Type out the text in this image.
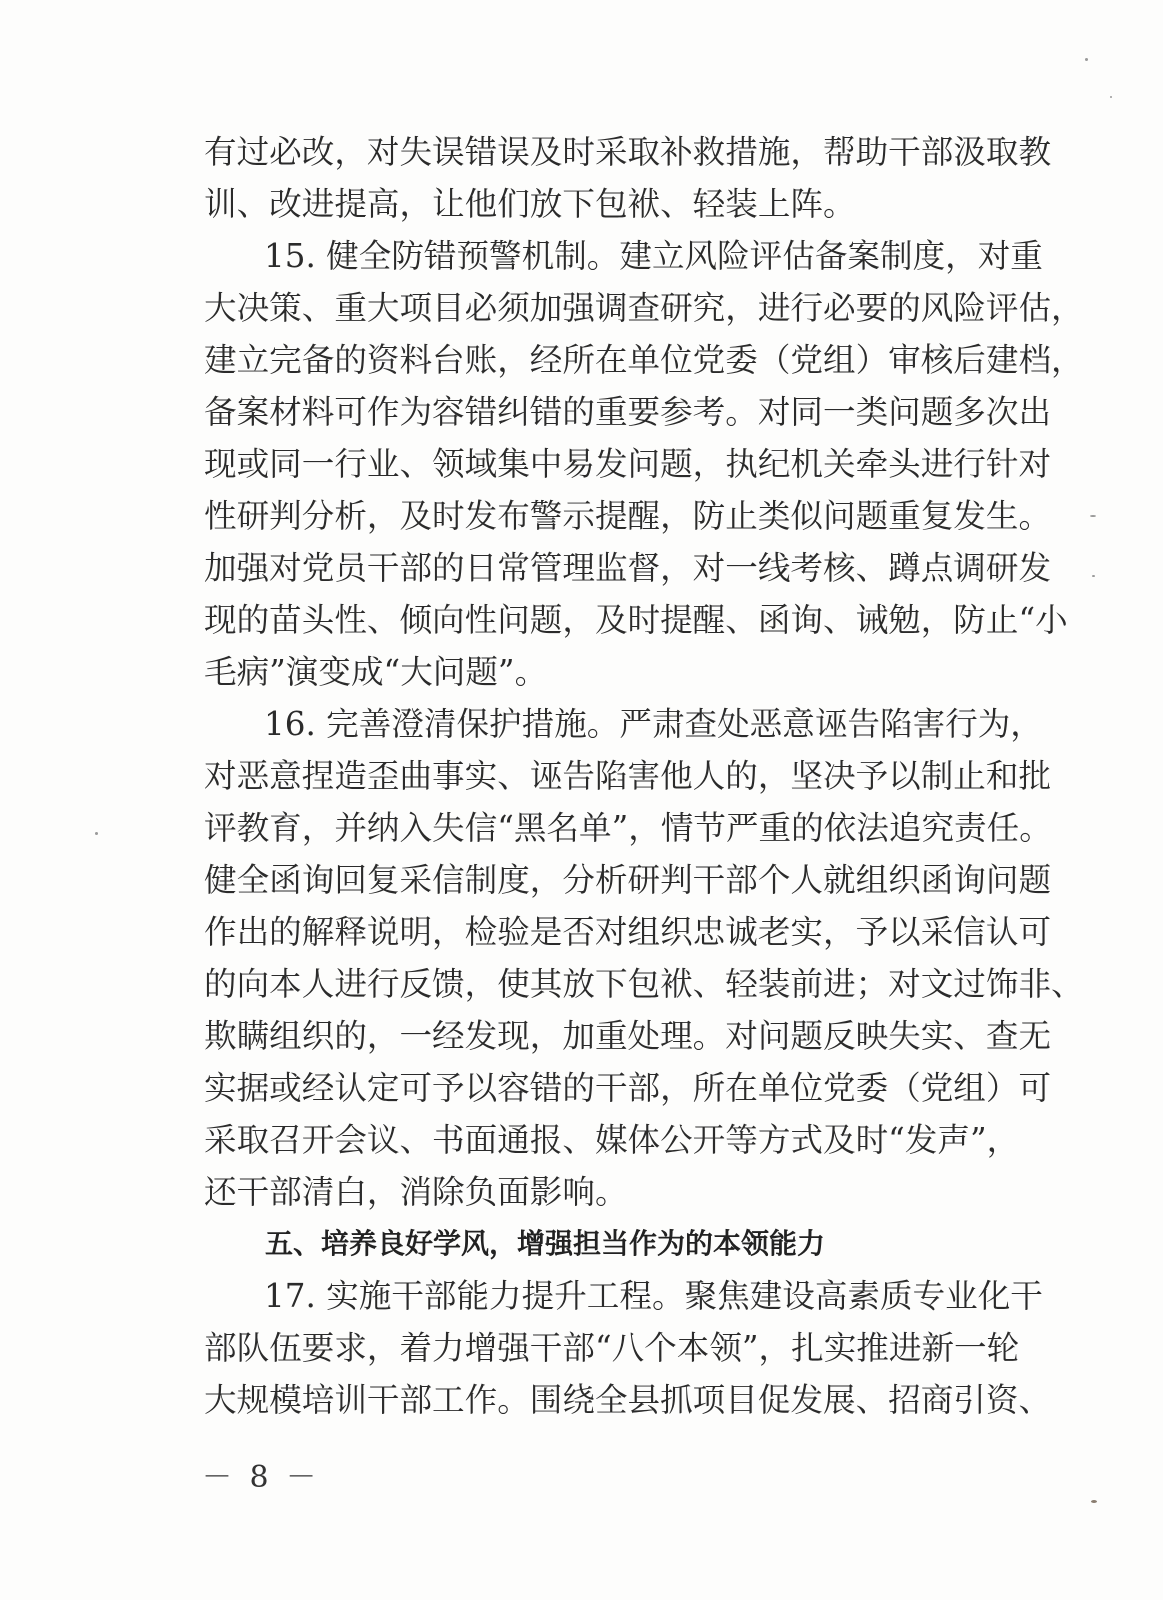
有过必改，对失误错误及时采取补救措施，帮助干部汲取教
训、改进提高，让他们放下包袱、轻装上阵。
15. 健全防错预警机制。建立风险评估备案制度，对重
大决策、重大项目必须加强调查研究，进行必要的风险评估，
建立完备的资料台账，经所在单位党委（党组）审核后建档，
备案材料可作为容错纠错的重要参考。对同一类问题多次出
现或同一行业、领域集中易发问题，执纪机关牵头进行针对
性研判分析，及时发布警示提醒，防止类似问题重复发生。
加强对党员干部的日常管理监督，对一线考核、蹲点调研发
现的苗头性、倾向性问题，及时提醒、函询、诫勉，防止“小
毛病”演变成“大问题”。
16. 完善澄清保护措施。严肃查处恶意诬告陷害行为，
对恶意捏造歪曲事实、诬告陷害他人的，坚决予以制止和批
评教育，并纳入失信“黑名单”，情节严重的依法追究责任。
健全函询回复采信制度，分析研判干部个人就组织函询问题
作出的解释说明，检验是否对组织忠诚老实，予以采信认可
的向本人进行反馈，使其放下包袱、轻装前进；对文过饰非、
欺瞒组织的，一经发现，加重处理。对问题反映失实、查无
实据或经认定可予以容错的干部，所在单位党委（党组）可
采取召开会议、书面通报、媒体公开等方式及时“发声”，
还干部清白，消除负面影响。
五、培养良好学风，增强担当作为的本领能力
17. 实施干部能力提升工程。聚焦建设高素质专业化干
部队伍要求，着力增强干部“八个本领”，扎实推进新一轮
大规模培训干部工作。围绕全县抓项目促发展、招商引资、
－ 8 －
